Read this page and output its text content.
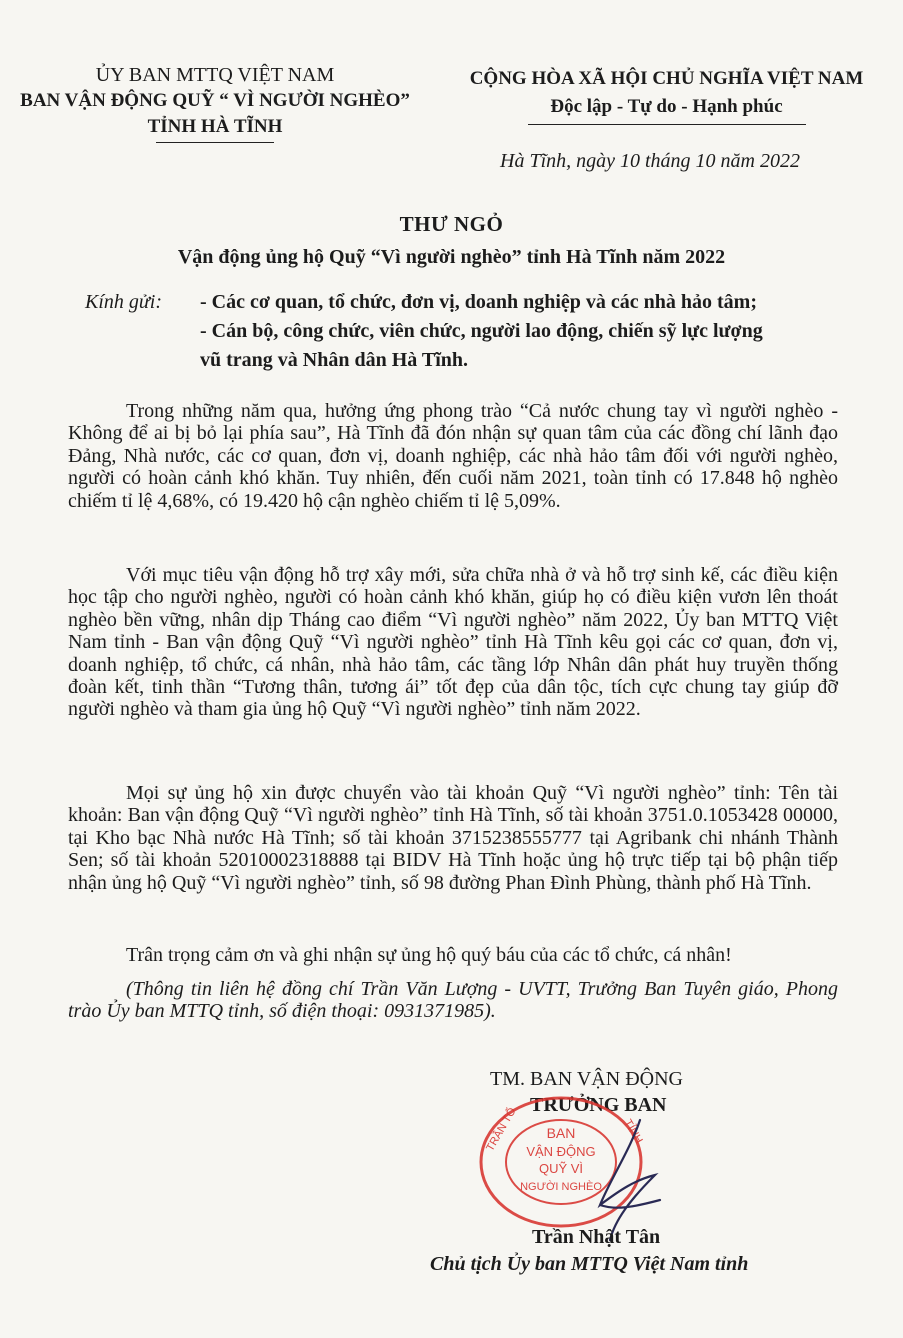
ỦY BAN MTTQ VIỆT NAM
BAN VẬN ĐỘNG QUỸ “ VÌ NGƯỜI NGHÈO”
TỈNH HÀ TĨNH
CỘNG HÒA XÃ HỘI CHỦ NGHĨA VIỆT NAM
Độc lập - Tự do - Hạnh phúc
Hà Tĩnh, ngày 10 tháng 10 năm 2022
THƯ NGỎ
Vận động ủng hộ Quỹ “Vì người nghèo” tỉnh Hà Tĩnh năm 2022
Kính gửi: - Các cơ quan, tổ chức, đơn vị, doanh nghiệp và các nhà hảo tâm;
- Cán bộ, công chức, viên chức, người lao động, chiến sỹ lực lượng
vũ trang và Nhân dân Hà Tĩnh.

Trong những năm qua, hưởng ứng phong trào “Cả nước chung tay vì người nghèo - Không để ai bị bỏ lại phía sau”, Hà Tĩnh đã đón nhận sự quan tâm của các đồng chí lãnh đạo Đảng, Nhà nước, các cơ quan, đơn vị, doanh nghiệp, các nhà hảo tâm đối với người nghèo, người có hoàn cảnh khó khăn. Tuy nhiên, đến cuối năm 2021, toàn tỉnh có 17.848 hộ nghèo chiếm tỉ lệ 4,68%, có 19.420 hộ cận nghèo chiếm tỉ lệ 5,09%.

Với mục tiêu vận động hỗ trợ xây mới, sửa chữa nhà ở và hỗ trợ sinh kế, các điều kiện học tập cho người nghèo, người có hoàn cảnh khó khăn, giúp họ có điều kiện vươn lên thoát nghèo bền vững, nhân dịp Tháng cao điểm “Vì người nghèo” năm 2022, Ủy ban MTTQ Việt Nam tỉnh - Ban vận động Quỹ “Vì người nghèo” tỉnh Hà Tĩnh kêu gọi các cơ quan, đơn vị, doanh nghiệp, tổ chức, cá nhân, nhà hảo tâm, các tầng lớp Nhân dân phát huy truyền thống đoàn kết, tinh thần “Tương thân, tương ái” tốt đẹp của dân tộc, tích cực chung tay giúp đỡ người nghèo và tham gia ủng hộ Quỹ “Vì người nghèo” tỉnh năm 2022.

Mọi sự ủng hộ xin được chuyển vào tài khoản Quỹ “Vì người nghèo” tỉnh: Tên tài khoản: Ban vận động Quỹ “Vì người nghèo” tỉnh Hà Tĩnh, số tài khoản 3751.0.1053428 00000, tại Kho bạc Nhà nước Hà Tĩnh; số tài khoản 3715238555777 tại Agribank chi nhánh Thành Sen; số tài khoản 52010002318888 tại BIDV Hà Tĩnh hoặc ủng hộ trực tiếp tại bộ phận tiếp nhận ủng hộ Quỹ “Vì người nghèo” tỉnh, số 98 đường Phan Đình Phùng, thành phố Hà Tĩnh.

Trân trọng cảm ơn và ghi nhận sự ủng hộ quý báu của các tổ chức, cá nhân!

(Thông tin liên hệ đồng chí Trần Văn Lượng - UVTT, Trưởng Ban Tuyên giáo, Phong trào Ủy ban MTTQ tỉnh, số điện thoại: 0931371985).

TM. BAN VẬN ĐỘNG
TRƯỞNG BAN
BAN
VẬN ĐỘNG
QUỸ VÌ
NGƯỜI NGHÈO
TRẦN TỔ	TỈNH
Trần Nhật Tân
Chủ tịch Ủy ban MTTQ Việt Nam tỉnh
